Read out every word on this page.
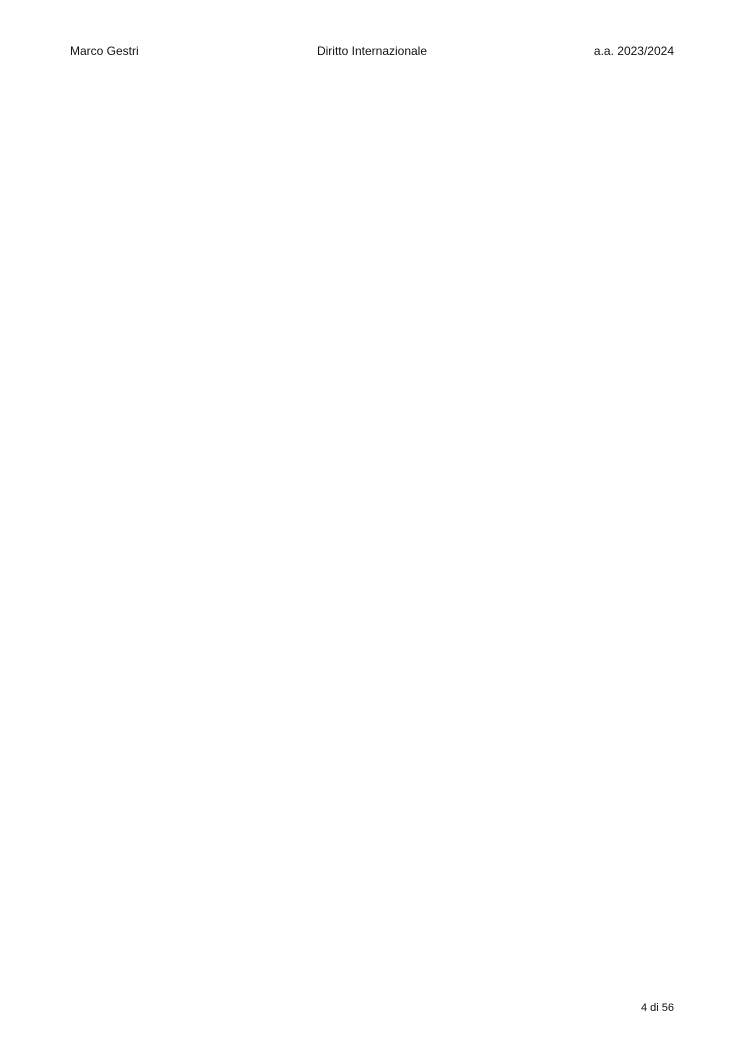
Marco Gestri	Diritto Internazionale	a.a. 2023/2024

4 di 56
